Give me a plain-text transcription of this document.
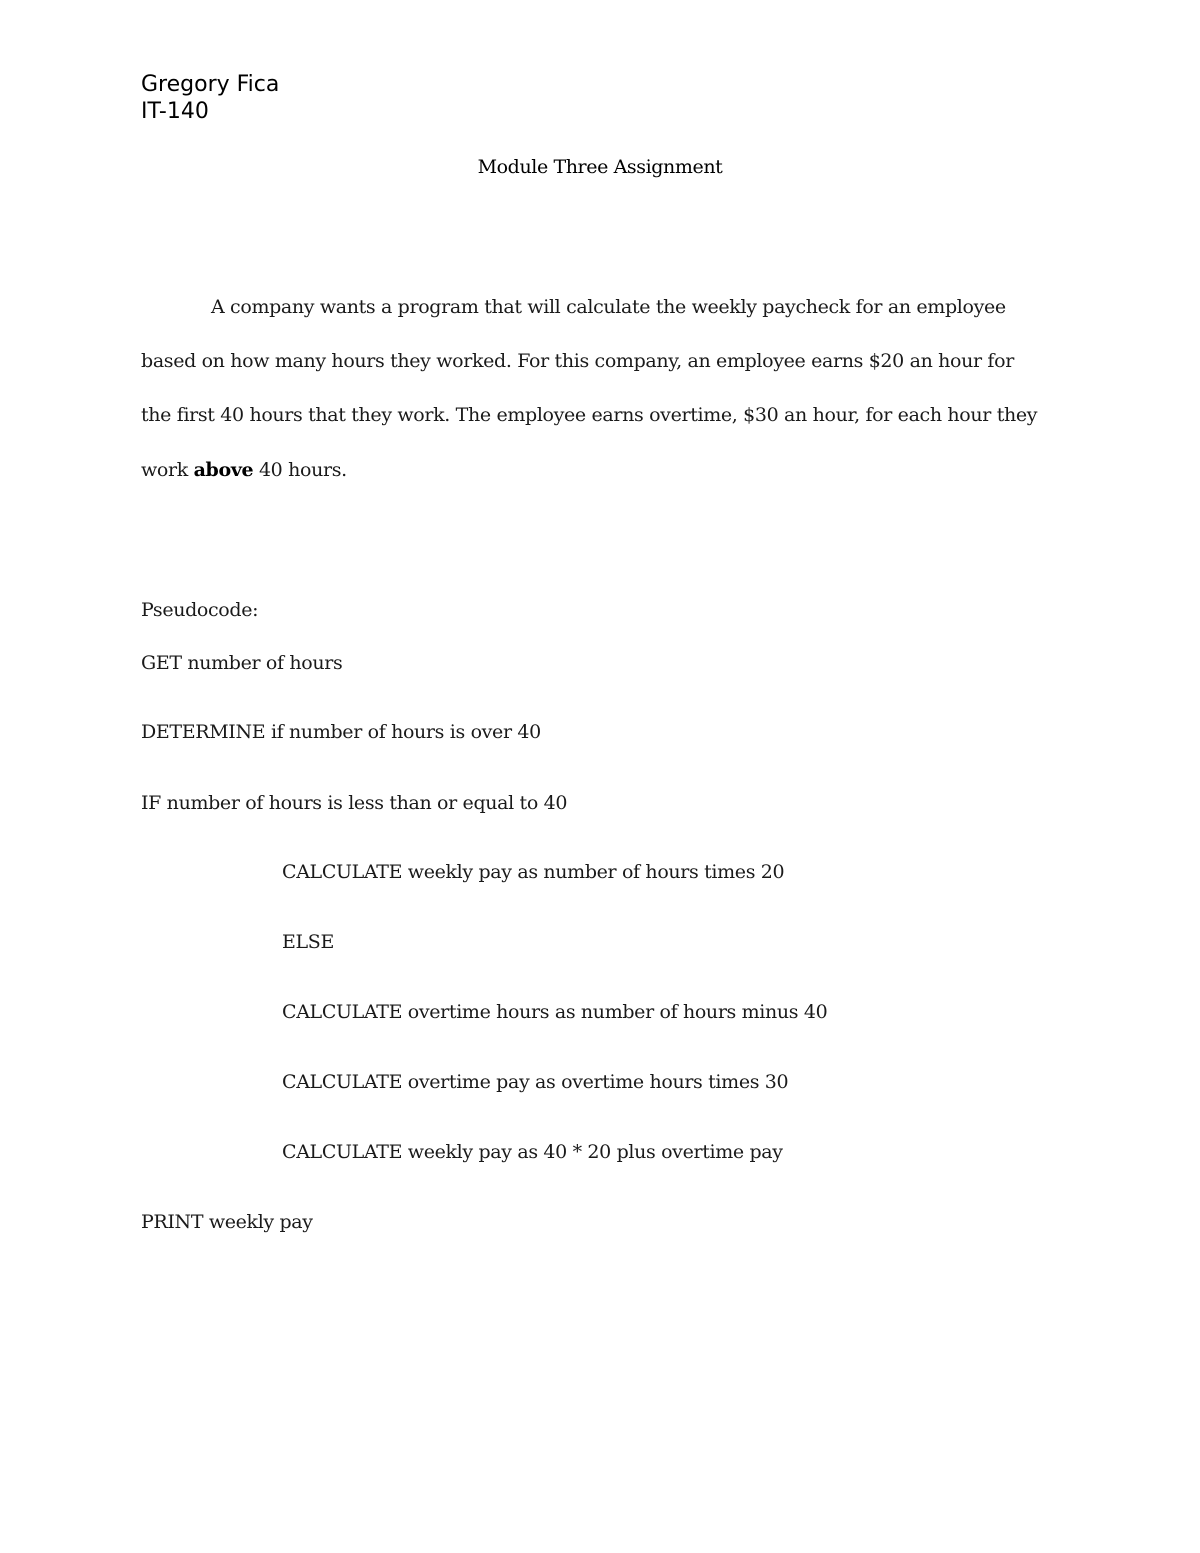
Gregory Fica
IT-140
Module Three Assignment
A company wants a program that will calculate the weekly paycheck for an employee
based on how many hours they worked. For this company, an employee earns $20 an hour for
the first 40 hours that they work. The employee earns overtime, $30 an hour, for each hour they
work above 40 hours.
Pseudocode:
GET number of hours
DETERMINE if number of hours is over 40
IF number of hours is less than or equal to 40
CALCULATE weekly pay as number of hours times 20
ELSE
CALCULATE overtime hours as number of hours minus 40
CALCULATE overtime pay as overtime hours times 30
CALCULATE weekly pay as 40 * 20 plus overtime pay
PRINT weekly pay
